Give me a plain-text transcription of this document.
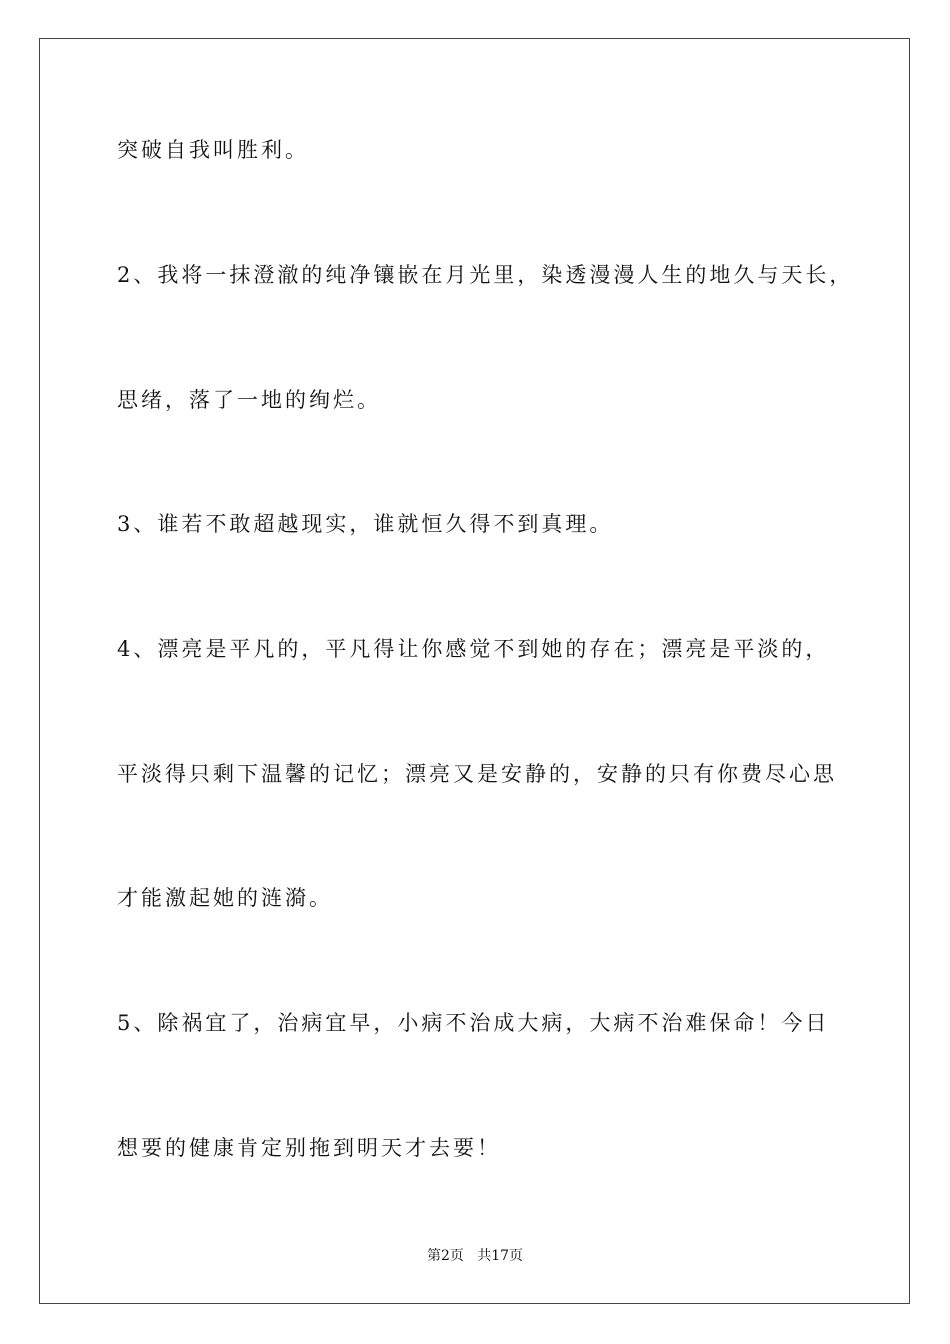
突破自我叫胜利。
2、我将一抹澄澈的纯净镶嵌在月光里，染透漫漫人生的地久与天长，
思绪，落了一地的绚烂。
3、谁若不敢超越现实，谁就恒久得不到真理。
4、漂亮是平凡的，平凡得让你感觉不到她的存在；漂亮是平淡的，
平淡得只剩下温馨的记忆；漂亮又是安静的，安静的只有你费尽心思
才能激起她的涟漪。
5、除祸宜了，治病宜早，小病不治成大病，大病不治难保命！今日
想要的健康肯定别拖到明天才去要！
第2页   共17页
